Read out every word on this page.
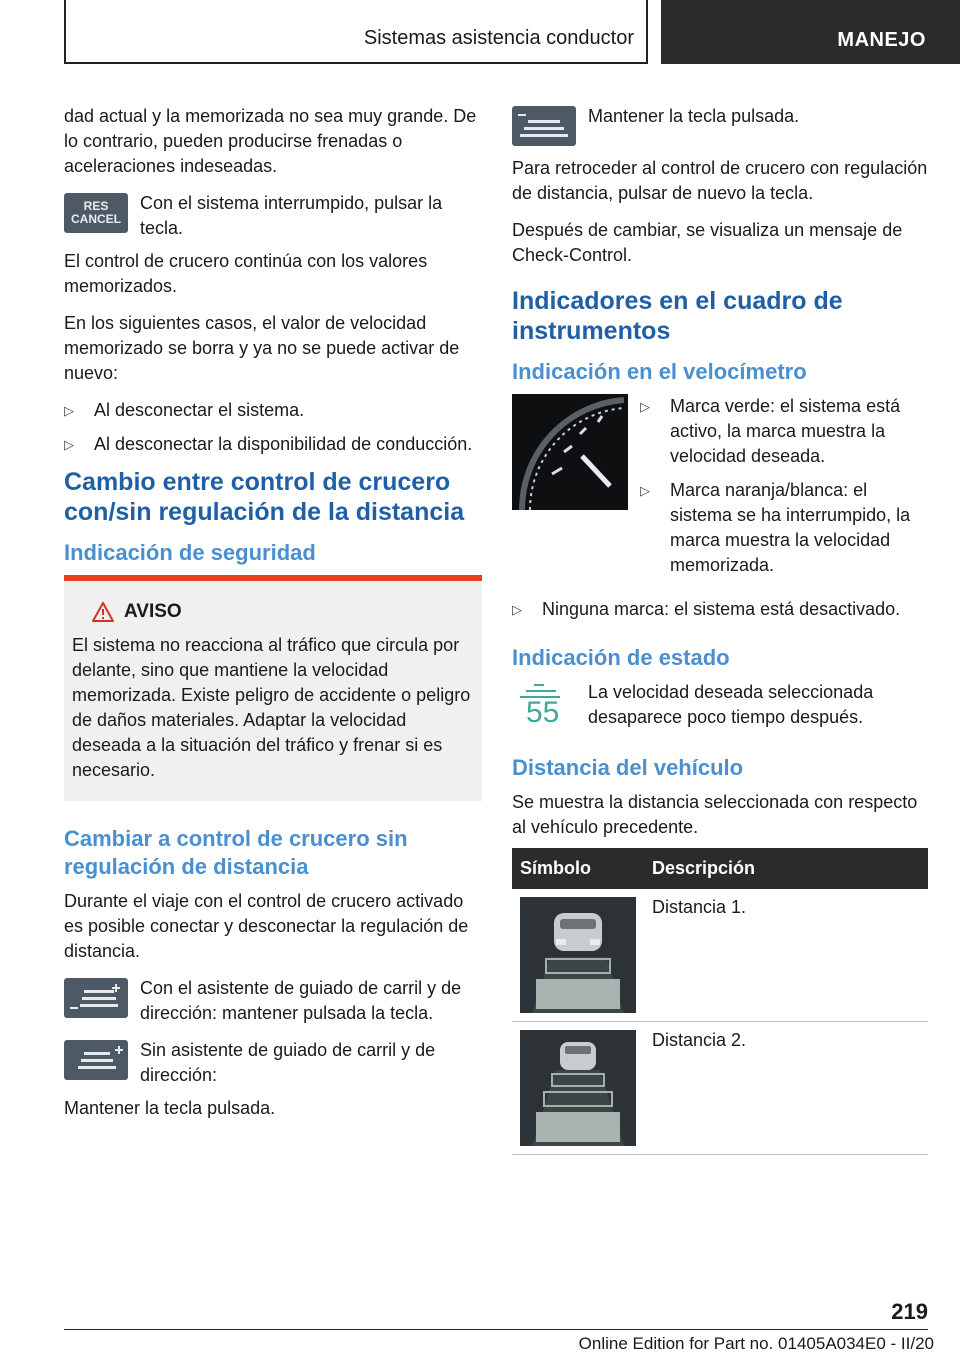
Sistemas asistencia conductor	MANEJO

dad actual y la memorizada no sea muy grande. De lo contrario, pueden producirse frenadas o aceleraciones indeseadas.

RES
CANCEL
Con el sistema interrumpido, pulsar la tecla.

El control de crucero continúa con los valores memorizados.

En los siguientes casos, el valor de velocidad memorizado se borra y ya no se puede activar de nuevo:

▷ Al desconectar el sistema.
▷ Al desconectar la disponibilidad de conducción.
Cambio entre control de crucero con/sin regulación de la distancia
Indicación de seguridad
AVISO

El sistema no reacciona al tráfico que circula por delante, sino que mantiene la velocidad memorizada. Existe peligro de accidente o peligro de daños materiales. Adaptar la velocidad deseada a la situación del tráfico y frenar si es necesario.

Cambiar a control de crucero sin regulación de distancia

Durante el viaje con el control de crucero activado es posible conectar y desconectar la regulación de distancia.

Con el asistente de guiado de carril y de dirección: mantener pulsada la tecla.
Sin asistente de guiado de carril y de dirección:

Mantener la tecla pulsada.

Mantener la tecla pulsada.

Para retroceder al control de crucero con regulación de distancia, pulsar de nuevo la tecla.

Después de cambiar, se visualiza un mensaje de Check-Control.

Indicadores en el cuadro de instrumentos
Indicación en el velocímetro
▷ Marca verde: el sistema está activo, la marca muestra la velocidad deseada.
▷ Marca naranja/blanca: el sistema se ha interrumpido, la marca muestra la velocidad memorizada.
▷ Ninguna marca: el sistema está desactivado.
Indicación de estado
55
La velocidad deseada seleccionada desaparece poco tiempo después.
Distancia del vehículo

Se muestra la distancia seleccionada con respecto al vehículo precedente.

Símbolo	Descripción

	Distancia 1.

	Distancia 2.
219
Online Edition for Part no. 01405A034E0 - II/20
